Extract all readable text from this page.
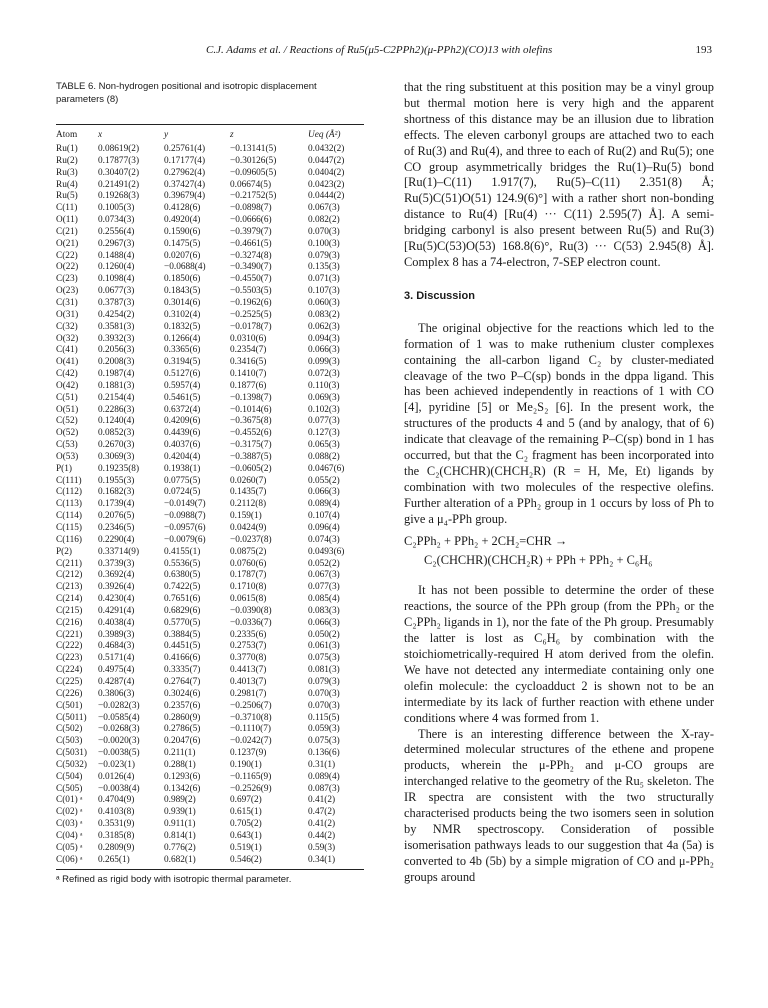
C.J. Adams et al. / Reactions of Ru5(μ5-C2PPh2)(μ-PPh2)(CO)13 with olefins	193
TABLE 6. Non-hydrogen positional and isotropic displacement parameters (8)
Atom	x	y	z	Ueq (Å²)
Ru(1)	0.08619(2)	0.25761(4)	−0.13141(5)	0.0432(2)
Ru(2)	0.17877(3)	0.17177(4)	−0.30126(5)	0.0447(2)
Ru(3)	0.30407(2)	0.27962(4)	−0.09605(5)	0.0404(2)
Ru(4)	0.21491(2)	0.37427(4)	0.06674(5)	0.0423(2)
Ru(5)	0.19268(3)	0.39679(4)	−0.21752(5)	0.0444(2)
C(11)	0.1005(3)	0.4128(6)	−0.0898(7)	0.067(3)
O(11)	0.0734(3)	0.4920(4)	−0.0666(6)	0.082(2)
C(21)	0.2556(4)	0.1590(6)	−0.3979(7)	0.070(3)
O(21)	0.2967(3)	0.1475(5)	−0.4661(5)	0.100(3)
C(22)	0.1488(4)	0.0207(6)	−0.3274(8)	0.079(3)
O(22)	0.1260(4)	−0.0688(4)	−0.3490(7)	0.135(3)
C(23)	0.1098(4)	0.1850(6)	−0.4550(7)	0.071(3)
O(23)	0.0677(3)	0.1843(5)	−0.5503(5)	0.107(3)
C(31)	0.3787(3)	0.3014(6)	−0.1962(6)	0.060(3)
O(31)	0.4254(2)	0.3102(4)	−0.2525(5)	0.083(2)
C(32)	0.3581(3)	0.1832(5)	−0.0178(7)	0.062(3)
O(32)	0.3932(3)	0.1266(4)	0.0310(6)	0.094(3)
C(41)	0.2056(3)	0.3365(6)	0.2354(7)	0.066(3)
O(41)	0.2008(3)	0.3194(5)	0.3416(5)	0.099(3)
C(42)	0.1987(4)	0.5127(6)	0.1410(7)	0.072(3)
O(42)	0.1881(3)	0.5957(4)	0.1877(6)	0.110(3)
C(51)	0.2154(4)	0.5461(5)	−0.1398(7)	0.069(3)
O(51)	0.2286(3)	0.6372(4)	−0.1014(6)	0.102(3)
C(52)	0.1240(4)	0.4209(6)	−0.3675(8)	0.077(3)
O(52)	0.0852(3)	0.4439(6)	−0.4552(6)	0.127(3)
C(53)	0.2670(3)	0.4037(6)	−0.3175(7)	0.065(3)
O(53)	0.3069(3)	0.4204(4)	−0.3887(5)	0.088(2)
P(1)	0.19235(8)	0.1938(1)	−0.0605(2)	0.0467(6)
C(111)	0.1955(3)	0.0775(5)	0.0260(7)	0.055(2)
C(112)	0.1682(3)	0.0724(5)	0.1435(7)	0.066(3)
C(113)	0.1739(4)	−0.0149(7)	0.2112(8)	0.089(4)
C(114)	0.2076(5)	−0.0988(7)	0.159(1)	0.107(4)
C(115)	0.2346(5)	−0.0957(6)	0.0424(9)	0.096(4)
C(116)	0.2290(4)	−0.0079(6)	−0.0237(8)	0.074(3)
P(2)	0.33714(9)	0.4155(1)	0.0875(2)	0.0493(6)
C(211)	0.3739(3)	0.5536(5)	0.0760(6)	0.052(2)
C(212)	0.3692(4)	0.6380(5)	0.1787(7)	0.067(3)
C(213)	0.3926(4)	0.7422(5)	0.1710(8)	0.077(3)
C(214)	0.4230(4)	0.7651(6)	0.0615(8)	0.085(4)
C(215)	0.4291(4)	0.6829(6)	−0.0390(8)	0.083(3)
C(216)	0.4038(4)	0.5770(5)	−0.0336(7)	0.066(3)
C(221)	0.3989(3)	0.3884(5)	0.2335(6)	0.050(2)
C(222)	0.4684(3)	0.4451(5)	0.2753(7)	0.061(3)
C(223)	0.5171(4)	0.4166(6)	0.3770(8)	0.075(3)
C(224)	0.4975(4)	0.3335(7)	0.4413(7)	0.081(3)
C(225)	0.4287(4)	0.2764(7)	0.4013(7)	0.079(3)
C(226)	0.3806(3)	0.3024(6)	0.2981(7)	0.070(3)
C(501)	−0.0282(3)	0.2357(6)	−0.2506(7)	0.070(3)
C(5011)	−0.0585(4)	0.2860(9)	−0.3710(8)	0.115(5)
C(502)	−0.0268(3)	0.2786(5)	−0.1110(7)	0.059(3)
C(503)	−0.0020(3)	0.2047(6)	−0.0242(7)	0.075(3)
C(5031)	−0.0038(5)	0.211(1)	0.1237(9)	0.136(6)
C(5032)	−0.023(1)	0.288(1)	0.190(1)	0.31(1)
C(504)	0.0126(4)	0.1293(6)	−0.1165(9)	0.089(4)
C(505)	−0.0038(4)	0.1342(6)	−0.2526(9)	0.087(3)
C(01) ᵃ	0.4704(9)	0.989(2)	0.697(2)	0.41(2)
C(02) ᵃ	0.4103(8)	0.939(1)	0.615(1)	0.47(2)
C(03) ᵃ	0.3531(9)	0.911(1)	0.705(2)	0.41(2)
C(04) ᵃ	0.3185(8)	0.814(1)	0.643(1)	0.44(2)
C(05) ᵃ	0.2809(9)	0.776(2)	0.519(1)	0.59(3)
C(06) ᵃ	0.265(1)	0.682(1)	0.546(2)	0.34(1)
ᵃ Refined as rigid body with isotropic thermal parameter.

that the ring substituent at this position may be a vinyl group but thermal motion here is very high and the apparent shortness of this distance may be an illusion due to libration effects. The eleven carbonyl groups are attached two to each of Ru(3) and Ru(4), and three to each of Ru(2) and Ru(5); one CO group asymmetrically bridges the Ru(1)–Ru(5) bond [Ru(1)–C(11) 1.917(7), Ru(5)–C(11) 2.351(8) Å; Ru(5)C(51)O(51) 124.9(6)°] with a rather short non-bonding distance to Ru(4) [Ru(4) ··· C(11) 2.595(7) Å]. A semi-bridging carbonyl is also present between Ru(5) and Ru(3) [Ru(5)C(53)O(53) 168.8(6)°, Ru(3) ··· C(53) 2.945(8) Å]. Complex 8 has a 74-electron, 7-SEP electron count.

3. Discussion

The original objective for the reactions which led to the formation of 1 was to make ruthenium cluster complexes containing the all-carbon ligand C₂ by cluster-mediated cleavage of the two P–C(sp) bonds in the dppa ligand. This has been achieved independently in reactions of 1 with CO [4], pyridine [5] or Me₂S₂ [6]. In the present work, the structures of the products 4 and 5 (and by analogy, that of 6) indicate that cleavage of the remaining P–C(sp) bond in 1 has occurred, but that the C₂ fragment has been incorporated into the C₂(CHCHR)(CHCH₂R) (R = H, Me, Et) ligands by combination with two molecules of the respective olefins. Further alteration of a PPh₂ group in 1 occurs by loss of Ph to give a μ₄-PPh group.

C₂PPh₂ + PPh₂ + 2CH₂=CHR →
C₂(CHCHR)(CHCH₂R) + PPh + PPh₂ + C₆H₆

It has not been possible to determine the order of these reactions, the source of the PPh group (from the PPh₂ or the C₂PPh₂ ligands in 1), nor the fate of the Ph group. Presumably the latter is lost as C₆H₆ by combination with the stoichiometrically-required H atom derived from the olefin. We have not detected any intermediate containing only one olefin molecule: the cycloadduct 2 is shown not to be an intermediate by its lack of further reaction with ethene under conditions where 4 was formed from 1.

There is an interesting difference between the X-ray-determined molecular structures of the ethene and propene products, wherein the μ-PPh₂ and μ-CO groups are interchanged relative to the geometry of the Ru₅ skeleton. The IR spectra are consistent with the two structurally characterised products being the two isomers seen in solution by NMR spectroscopy. Consideration of possible isomerisation pathways leads to our suggestion that 4a (5a) is converted to 4b (5b) by a simple migration of CO and μ-PPh₂ groups around
